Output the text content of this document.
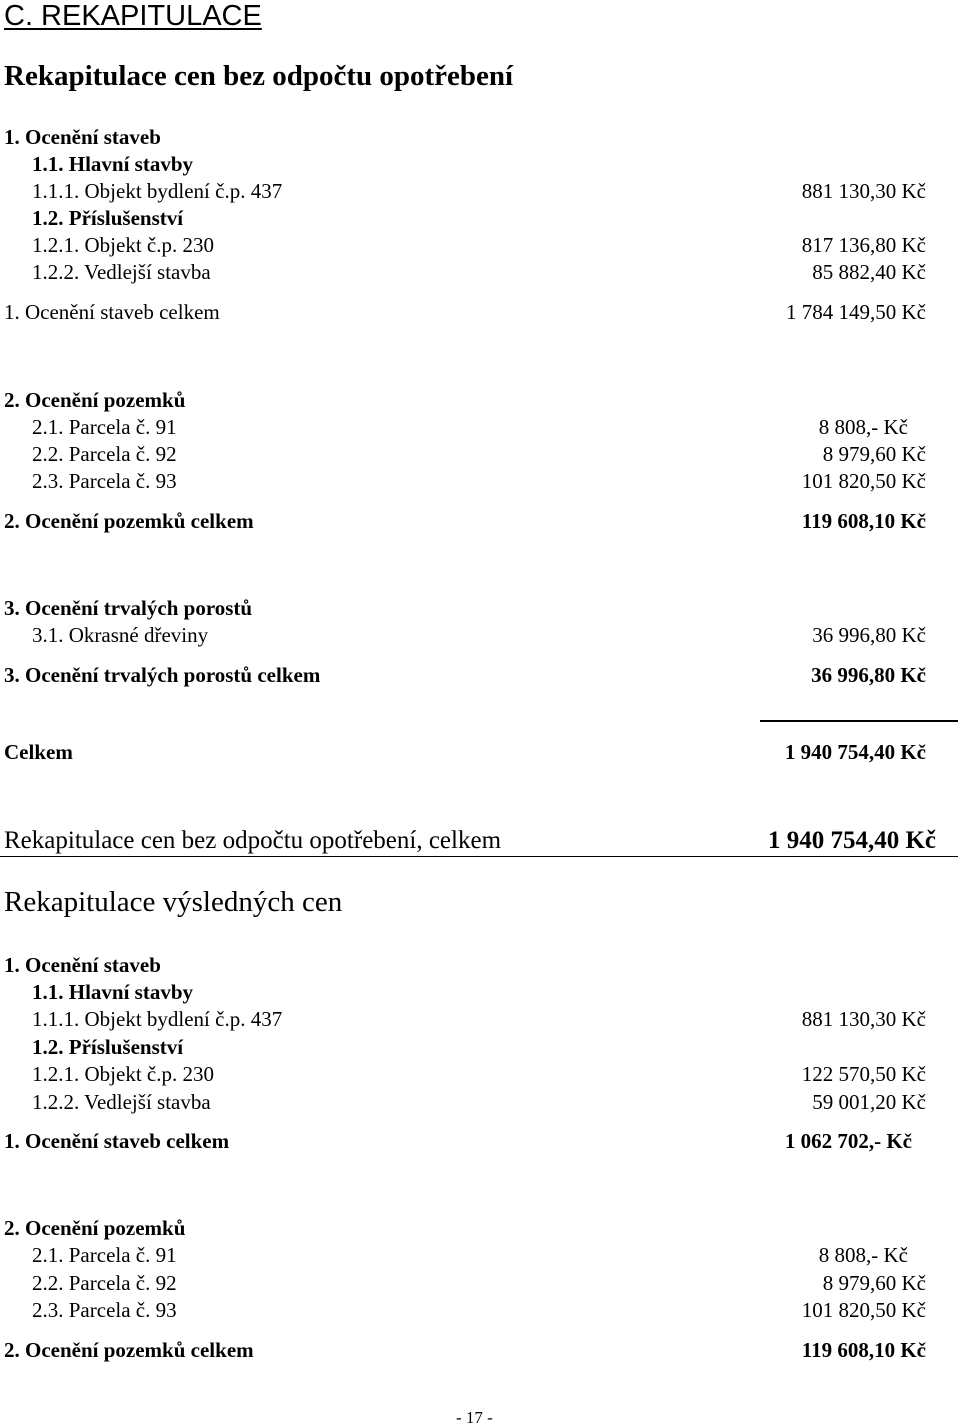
C. REKAPITULACE
Rekapitulace cen bez odpočtu opotřebení
1. Ocenění staveb
1.1. Hlavní stavby
1.1.1. Objekt bydlení č.p. 437	881 130,30 Kč
1.2. Příslušenství
1.2.1. Objekt č.p. 230	817 136,80 Kč
1.2.2. Vedlejší stavba	85 882,40 Kč
1. Ocenění staveb celkem	1 784 149,50 Kč
2. Ocenění pozemků
2.1. Parcela č. 91	8 808,- Kč
2.2. Parcela č. 92	8 979,60 Kč
2.3. Parcela č. 93	101 820,50 Kč
2. Ocenění pozemků celkem	119 608,10 Kč
3. Ocenění trvalých porostů
3.1. Okrasné dřeviny	36 996,80 Kč
3. Ocenění trvalých porostů celkem	36 996,80 Kč
Celkem	1 940 754,40 Kč
Rekapitulace cen bez odpočtu opotřebení, celkem	1 940 754,40 Kč
Rekapitulace výsledných cen
1. Ocenění staveb
1.1. Hlavní stavby
1.1.1. Objekt bydlení č.p. 437	881 130,30 Kč
1.2. Příslušenství
1.2.1. Objekt č.p. 230	122 570,50 Kč
1.2.2. Vedlejší stavba	59 001,20 Kč
1. Ocenění staveb celkem	1 062 702,- Kč
2. Ocenění pozemků
2.1. Parcela č. 91	8 808,- Kč
2.2. Parcela č. 92	8 979,60 Kč
2.3. Parcela č. 93	101 820,50 Kč
2. Ocenění pozemků celkem	119 608,10 Kč
- 17 -
